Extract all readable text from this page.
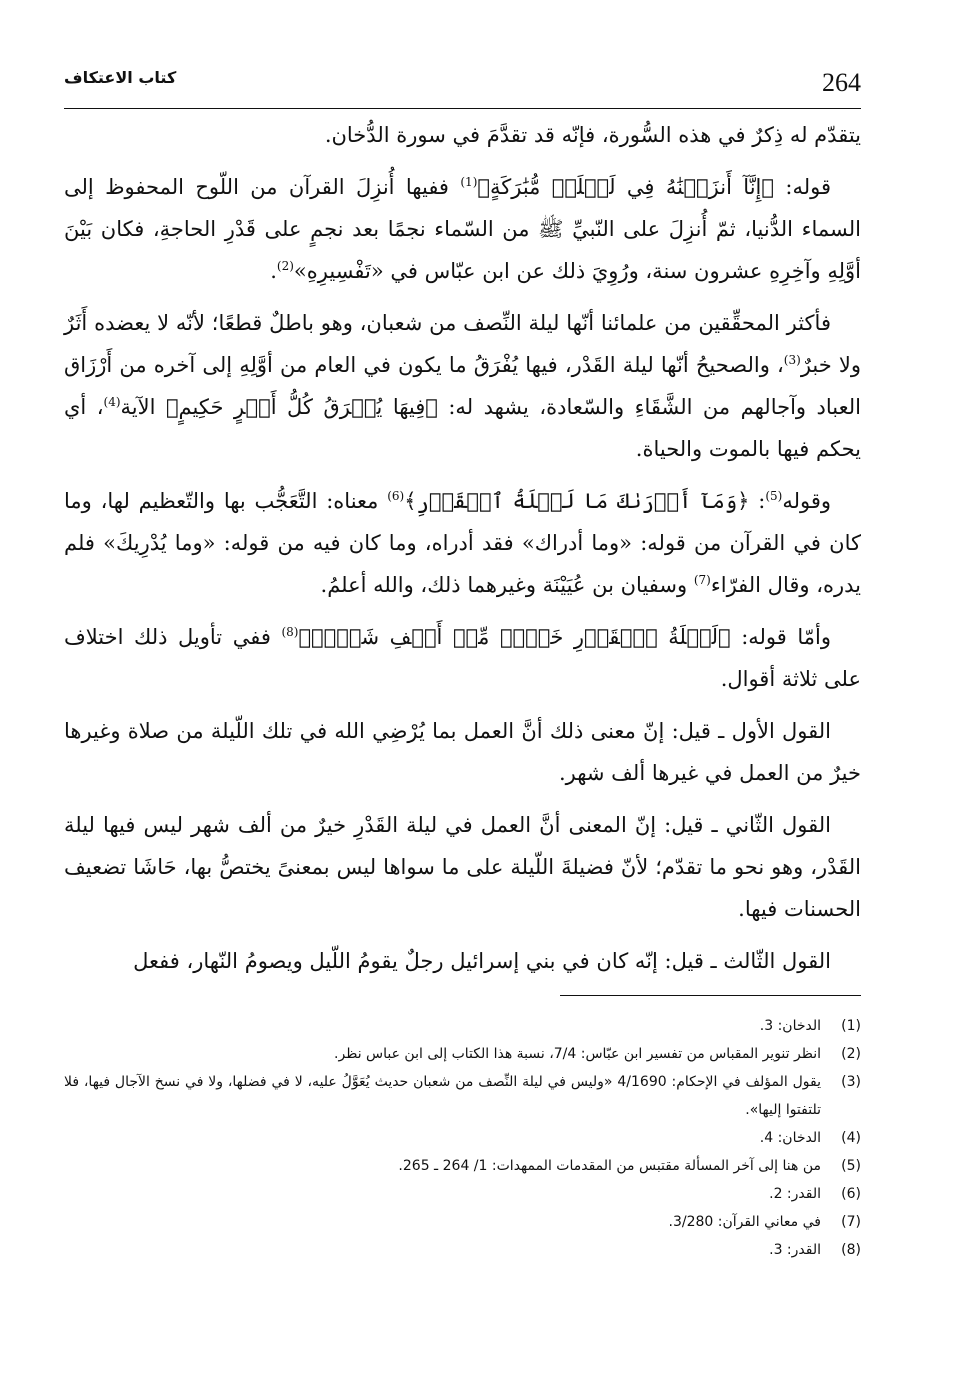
264
كتاب الاعتكاف

يتقدّم له ذِكرٌ في هذه السُّورة، فإنّه قد تقدَّمَ في سورة الدُّخان.

قوله: ﴿إِنَّآ أَنزَلۡنَٰهُ فِي لَيۡلَةٖ مُّبَٰرَكَةٍ﴾$^{(1)}$ ففيها أُنزِلَ القرآن من اللّوح المحفوظ إلى السماء الدُّنيا، ثمّ أُنزِلَ على النّبيِّ ﷺ من السّماء نجمًا بعد نجمٍ على قَدْرِ الحاجةِ، فكان بَيْنَ أوَّلِهِ وآخِرِهِ عشرون سنة، ورُوِيَ ذلك عن ابن عبّاس في «تَفْسِيرِهِ»$^{(2)}$.

فأكثر المحقِّقين من علمائنا أنّها ليلة النِّصف من شعبان، وهو باطلٌ قطعًا؛ لأنّه لا يعضده أَثَرٌ ولا خبرٌ$^{(3)}$، والصحيحُ أنّها ليلة القَدْر، فيها يُفْرَقُ ما يكون في العام من أوَّلِهِ إلى آخره من أَرْزَاق العباد وآجالهم من الشَّقَاءِ والسّعادة، يشهد له: ﴿فِيهَا يُفۡرَقُ كُلُّ أَمۡرٍ حَكِيمٍ﴾ الآية$^{(4)}$، أي يحكم فيها بالموت والحياة.

وقوله$^{(5)}$: ﴿وَمَآ أَدۡرَىٰكَ مَا لَيۡلَةُ ٱلۡقَدۡرِ﴾$^{(6)}$ معناه: التَّعَجُّب بها والتّعظيم لها، وما كان في القرآن من قوله: «وما أدراك» فقد أدراه، وما كان فيه من قوله: «وما يُدْرِيكَ» فلم يدره، وقال الفرّاء$^{(7)}$ وسفيان بن عُيَيْنَة وغيرهما ذلك، والله أعلمُ.

وأمّا قوله: ﴿لَيۡلَةُ ٱلۡقَدۡرِ خَيۡرٞ مِّنۡ أَلۡفِ شَهۡرٖ﴾$^{(8)}$ ففي تأويل ذلك اختلاف على ثلاثة أقوال.

القول الأول ـ قيل: إنّ معنى ذلك أنَّ العمل بما يُرْضِي الله في تلك اللّيلة من صلاة وغيرها خيرٌ من العمل في غيرها ألف شهر.

القول الثّاني ـ قيل: إنّ المعنى أنَّ العمل في ليلة القَدْرِ خيرٌ من ألف شهر ليس فيها ليلة القَدْر، وهو نحو ما تقدّم؛ لأنّ فضيلةَ اللّيلة على ما سواها ليس بمعنىً يختصُّ بها، حَاشَا تضعيف الحسنات فيها.

القول الثّالث ـ قيل: إنّه كان في بني إسرائيل رجلٌ يقومُ اللّيل ويصومُ النّهار، ففعل

(1)
الدخان: 3.
(2)
انظر تنوير المقباس من تفسير ابن عبّاس: 7/4، نسبة هذا الكتاب إلى ابن عباس نظر.
(3)
يقول المؤلف في الإحكام: 4/1690 «وليس في ليلة النِّصف من شعبان حديث يُعَوَّلُ عليه، لا في فضلها، ولا في نسخ الآجال فيها، فلا تلتفتوا إليها».
(4)
الدخان: 4.
(5)
من هنا إلى آخر المسألة مقتبس من المقدمات الممهدات: 1/ 264 ـ 265.
(6)
القدر: 2.
(7)
في معاني القرآن: 3/280.
(8)
القدر: 3.
